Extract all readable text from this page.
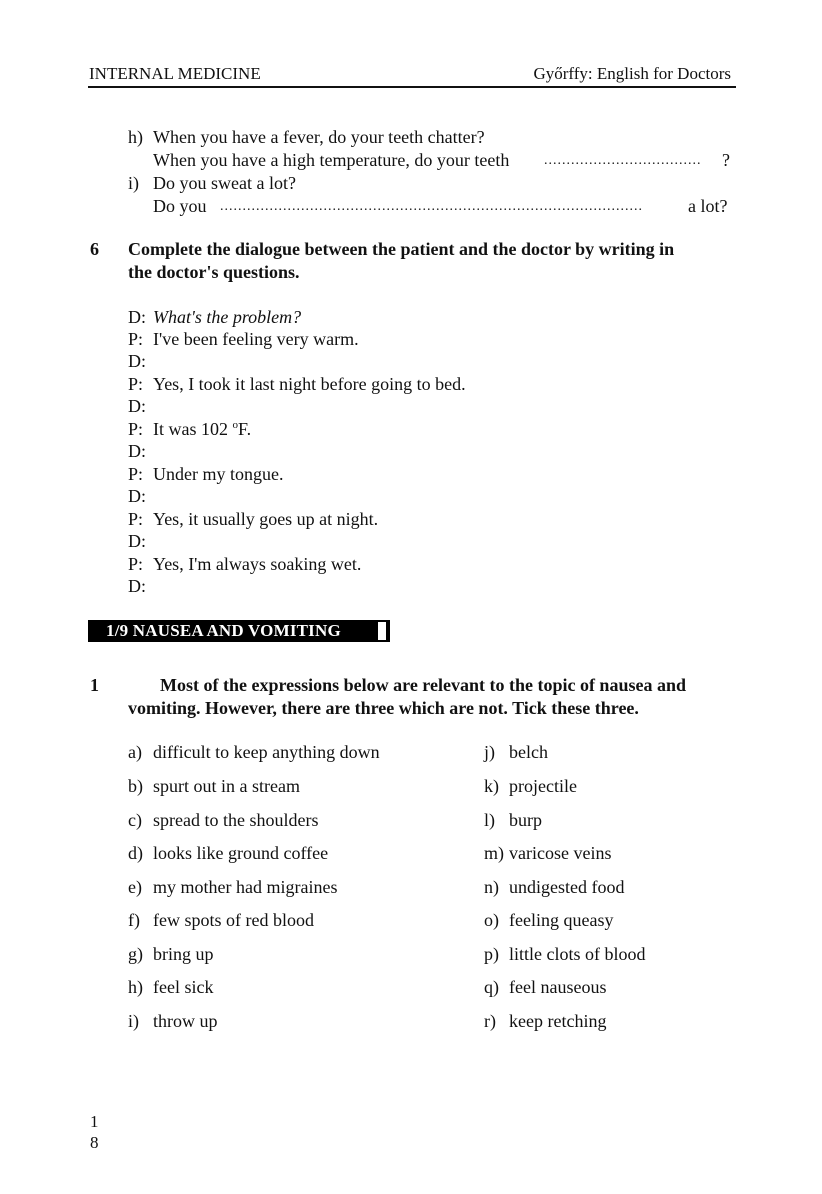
INTERNAL MEDICINE	Győrffy: English for Doctors
h) When you have a fever, do your teeth chatter?
When you have a high temperature, do your teeth ................................... ?
i) Do you sweat a lot?
Do you ..............................................................................................	a lot?
6 Complete the dialogue between the patient and the doctor by writing in
the doctor's questions.
D: What's the problem?
P: I've been feeling very warm.
D:
P: Yes, I took it last night before going to bed.
D:
P: It was 102 $^o$F.
D:
P: Under my tongue.
D:
P: Yes, it usually goes up at night.
D:
P: Yes, I'm always soaking wet.
D:
1/9 NAUSEA AND VOMITING
1	Most of the expressions below are relevant to the topic of nausea and
vomiting. However, there are three which are not. Tick these three.
a) difficult to keep anything down
b) spurt out in a stream
c) spread to the shoulders
d) looks like ground coffee
e) my mother had migraines
f) few spots of red blood
g) bring up
h) feel sick
i) throw up
j) belch
k) projectile
l) burp
m) varicose veins
n) undigested food
o) feeling queasy
p) little clots of blood
q) feel nauseous
r) keep retching
1
8
